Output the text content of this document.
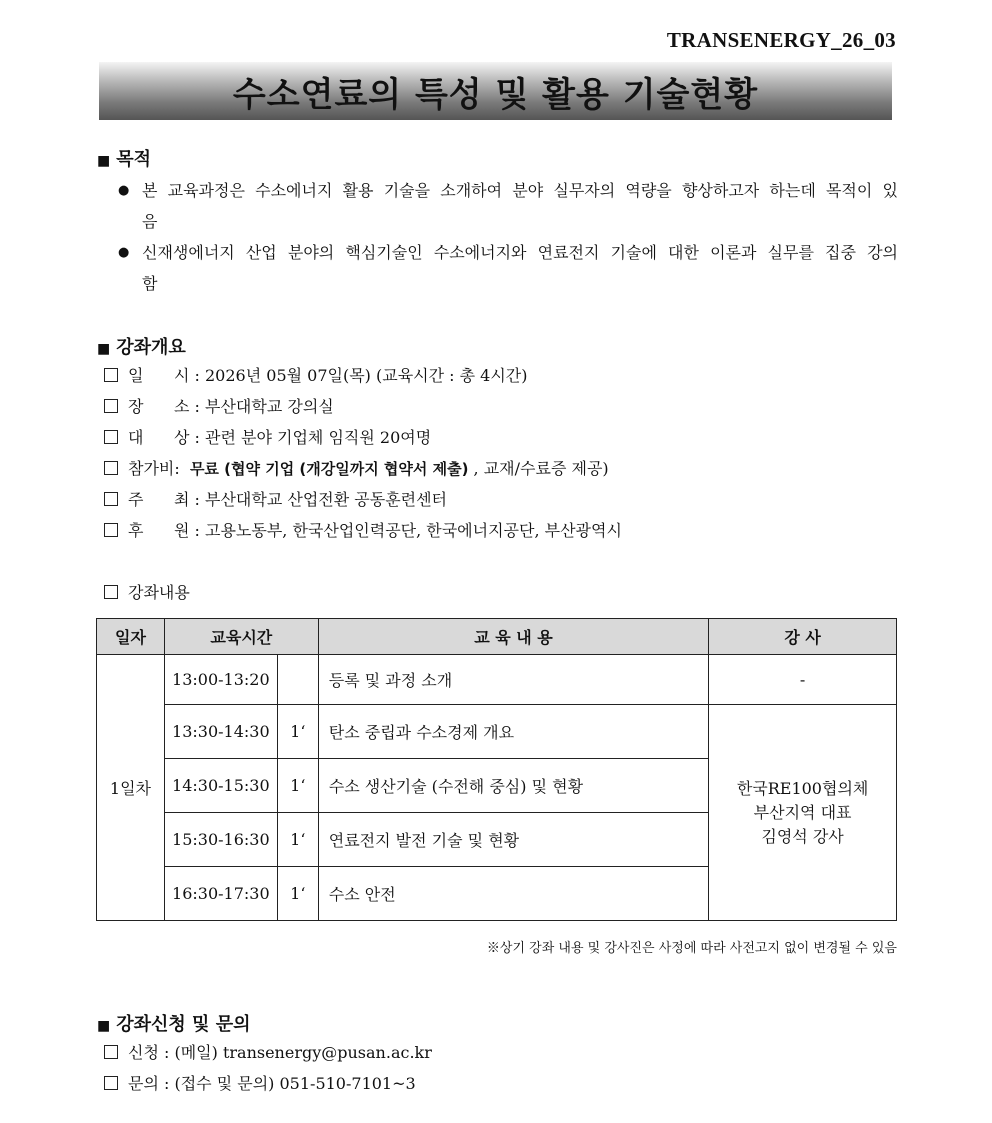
TRANSENERGY_26_03
수소연료의 특성 및 활용 기술현황
■ 목적
● 본 교육과정은 수소에너지 활용 기술을 소개하여 분야 실무자의 역량을 향상하고자 하는데 목적이 있음
● 신재생에너지 산업 분야의 핵심기술인 수소에너지와 연료전지 기술에 대한 이론과 실무를 집중 강의 함
■ 강좌개요
일      시 : 2026년 05월 07일(목) (교육시간 : 총 4시간)
장      소 : 부산대학교 강의실
대      상 : 관련 분야 기업체 임직원 20여명
참가비:  무료 (협약 기업 (개강일까지 협약서 제출) , 교재/수료증 제공)
주      최 : 부산대학교 산업전환 공동훈련센터
후      원 : 고용노동부, 한국산업인력공단, 한국에너지공단, 부산광역시
강좌내용
일자	교육시간		교 육 내 용	강 사
1일차	13:00-13:20		등록 및 과정 소개	-
	13:30-14:30	1‘	탄소 중립과 수소경제 개요	한국RE100협의체
부산지역 대표
김영석 강사

	14:30-15:30	1‘	수소 생산기술 (수전해 중심) 및 현황	
	15:30-16:30	1‘	연료전지 발전 기술 및 현황	
	16:30-17:30	1‘	수소 안전	
※상기 강좌 내용 및 강사진은 사정에 따라 사전고지 없이 변경될 수 있음
■ 강좌신청 및 문의
신청 : (메일) transenergy@pusan.ac.kr
문의 : (접수 및 문의) 051-510-7101~3
